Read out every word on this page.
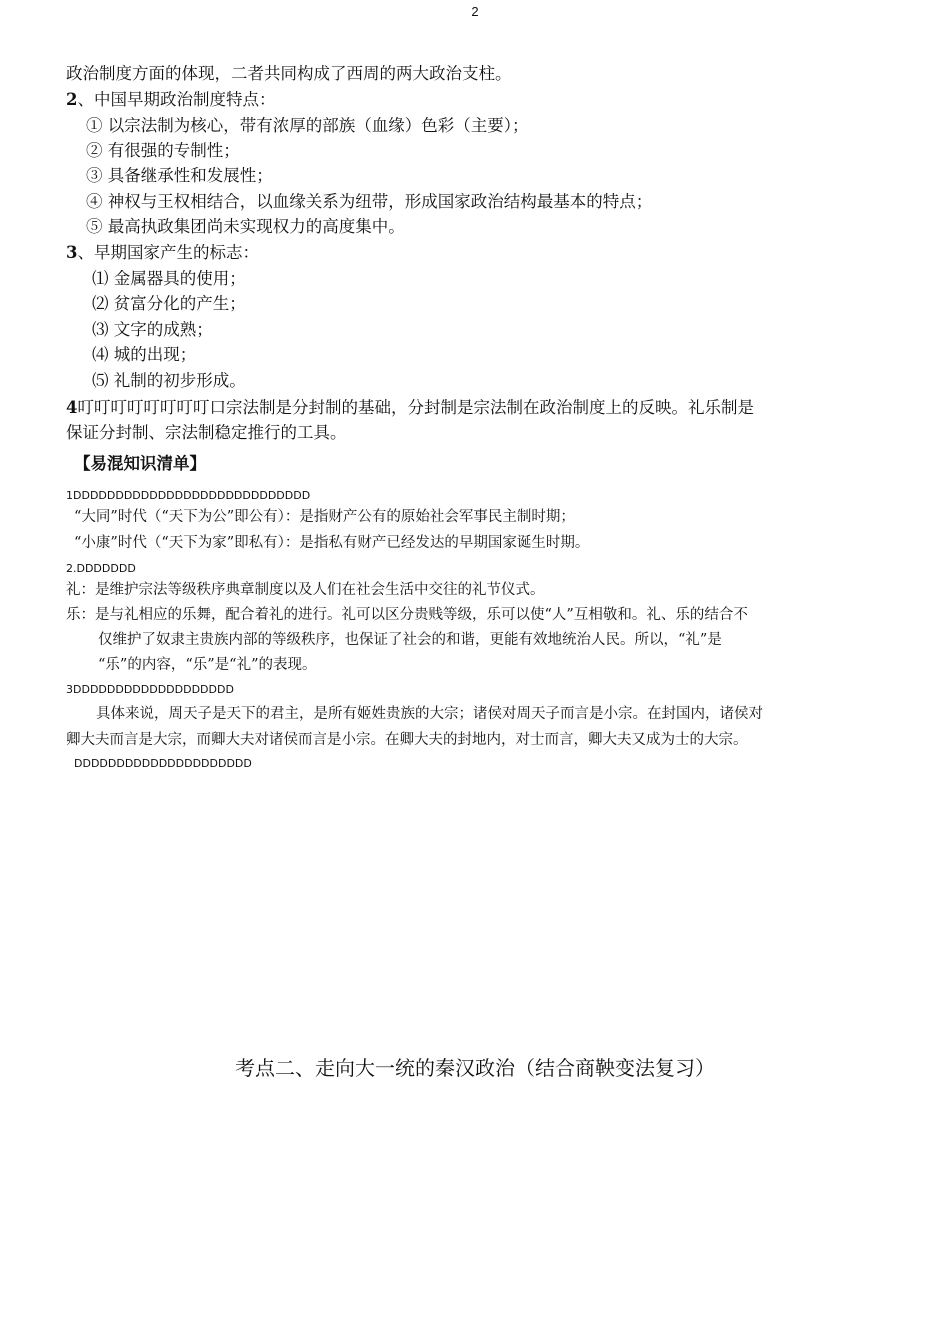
2
政治制度方面的体现，二者共同构成了西周的两大政治支柱。
2、中国早期政治制度特点：
① 以宗法制为核心，带有浓厚的部族（血缘）色彩（主要）；
② 有很强的专制性；
③ 具备继承性和发展性；
④ 神权与王权相结合，以血缘关系为纽带，形成国家政治结构最基本的特点；
⑤ 最高执政集团尚未实现权力的高度集中。
3、早期国家产生的标志：
⑴ 金属器具的使用；
⑵ 贫富分化的产生；
⑶ 文字的成熟；
⑷ 城的出现；
⑸ 礼制的初步形成。
4叮叮叮叮叮叮叮叮口宗法制是分封制的基础，分封制是宗法制在政治制度上的反映。礼乐制是
保证分封制、宗法制稳定推行的工具。
【易混知识清单】
1DDDDDDDDDDDDDDDDDDDDDDDDDDDD
“大同”时代（“天下为公”即公有）：是指财产公有的原始社会军事民主制时期；
“小康”时代（“天下为家”即私有）：是指私有财产已经发达的早期国家诞生时期。
2.DDDDDDD
礼：是维护宗法等级秩序典章制度以及人们在社会生活中交往的礼节仪式。
乐：是与礼相应的乐舞，配合着礼的进行。礼可以区分贵贱等级，乐可以使“人”互相敬和。礼、乐的结合不
仅维护了奴隶主贵族内部的等级秩序，也保证了社会的和谐，更能有效地统治人民。所以，“礼”是
“乐”的内容，“乐”是“礼”的表现。
3DDDDDDDDDDDDDDDDDDD
具体来说，周天子是天下的君主，是所有姬姓贵族的大宗；诸侯对周天子而言是小宗。在封国内，诸侯对
卿大夫而言是大宗，而卿大夫对诸侯而言是小宗。在卿大夫的封地内，对士而言，卿大夫又成为士的大宗。
DDDDDDDDDDDDDDDDDDDDD
考点二、走向大一统的秦汉政治（结合商鞅变法复习）
